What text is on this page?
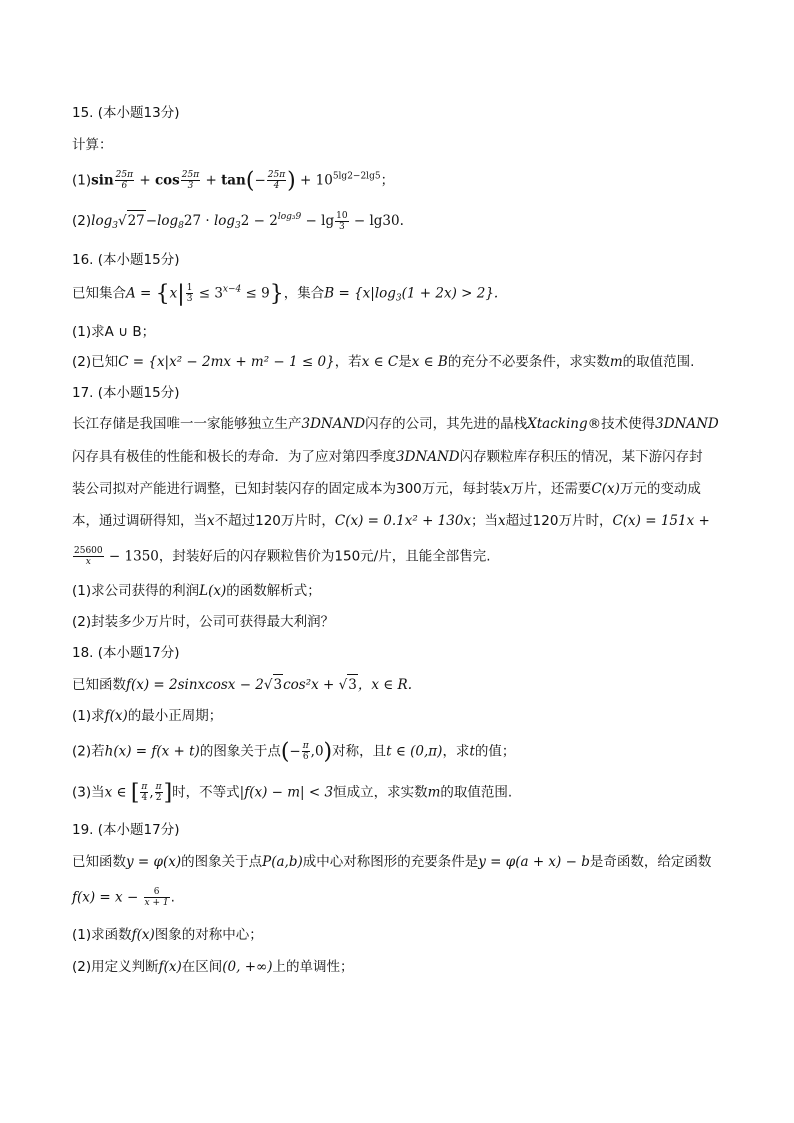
15. (本小题13分)
计算：
$(1)\sin \frac{25\pi}{6} + \cos \frac{25\pi}{3} + \tan(- \frac{25\pi}{4}$ ) + $10^{5lg2-2lg5}$；
$(2)\log_3√27-\log_827 \cdot \log_32 - 2^{log_39} - \lg \frac{10}{3} - \lg 30$.
16. (本小题15分)
已知集合$A = \{x| \frac{1}{3} \le 3^{x-4} \le 9\}$，集合$B = \{x|\log_3(1 + 2x) > 2\}$.
(1)求A ∪ B；
(2)已知C = {x|x² − 2mx + m² − 1 ≤ 0}，若x ∈ C是x ∈ B的充分不必要条件，求实数m的取值范围.
17. (本小题15分)
长江存储是我国唯一一家能够独立生产3DNAND闪存的公司，其先进的晶栈Xtacking®技术使得3DNAND
闪存具有极佳的性能和极长的寿命．为了应对第四季度3DNAND闪存颗粒库存积压的情况，某下游闪存封
装公司拟对产能进行调整，已知封装闪存的固定成本为300万元，每封装x万片，还需要C(x)万元的变动成
本，通过调研得知，当x不超过120万片时，C(x) = 0.1x² + 130x；当x超过120万片时，C(x) = 151x +
$\frac{25600}{x} - 1350$，封装好后的闪存颗粒售价为150元/片，且能全部售完.
(1)求公司获得的利润L(x)的函数解析式；
(2)封装多少万片时，公司可获得最大利润？
18. (本小题17分)
已知函数f(x) = 2sinxcosx − 2√3cos²x + √3，x ∈ R.
(1)求f(x)的最小正周期；
(2)若h(x) = f(x + t)的图象关于点(− $\frac{\pi}{6} ,0$)对称，且t ∈ (0,π)，求t的值；
(3)当x ∈ [ $\frac{\pi}{4}$ , $\frac{\pi}{2}$ ]时，不等式|f(x) − m| < 3恒成立，求实数m的取值范围.
19. (本小题17分)
已知函数y = φ(x)的图象关于点P(a,b)成中心对称图形的充要条件是y = φ(a + x) − b是奇函数，给定函数
$f(x) = x - \frac{6}{x + 1}$ .
(1)求函数f(x)图象的对称中心；
(2)用定义判断f(x)在区间(0, +∞)上的单调性；
